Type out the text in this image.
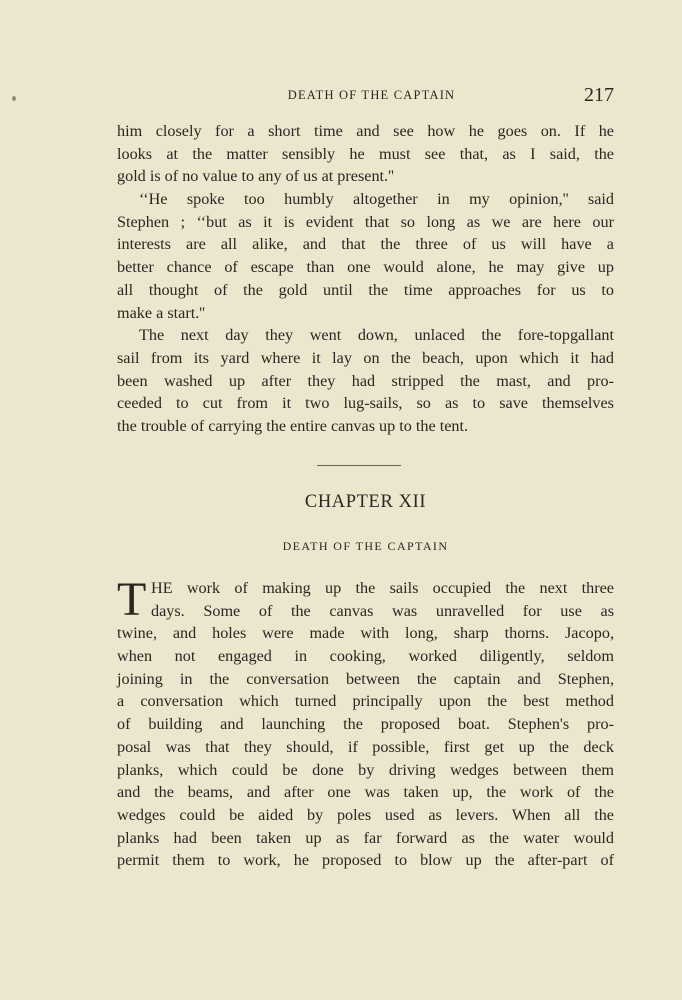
DEATH OF THE CAPTAIN	217
him closely for a short time and see how he goes on. If he
looks at the matter sensibly he must see that, as I said, the
gold is of no value to any of us at present.''
‘‘He spoke too humbly altogether in my opinion,'' said
Stephen ; ‘‘but as it is evident that so long as we are here our
interests are all alike, and that the three of us will have a
better chance of escape than one would alone, he may give up
all thought of the gold until the time approaches for us to
make a start.''
The next day they went down, unlaced the fore-topgallant
sail from its yard where it lay on the beach, upon which it had
been washed up after they had stripped the mast, and pro-
ceeded to cut from it two lug-sails, so as to save themselves
the trouble of carrying the entire canvas up to the tent.
CHAPTER XII
DEATH OF THE CAPTAIN
T HE work of making up the sails occupied the next three
days. Some of the canvas was unravelled for use as
twine, and holes were made with long, sharp thorns. Jacopo,
when not engaged in cooking, worked diligently, seldom
joining in the conversation between the captain and Stephen,
a conversation which turned principally upon the best method
of building and launching the proposed boat. Stephen's pro-
posal was that they should, if possible, first get up the deck
planks, which could be done by driving wedges between them
and the beams, and after one was taken up, the work of the
wedges could be aided by poles used as levers. When all the
planks had been taken up as far forward as the water would
permit them to work, he proposed to blow up the after-part of
